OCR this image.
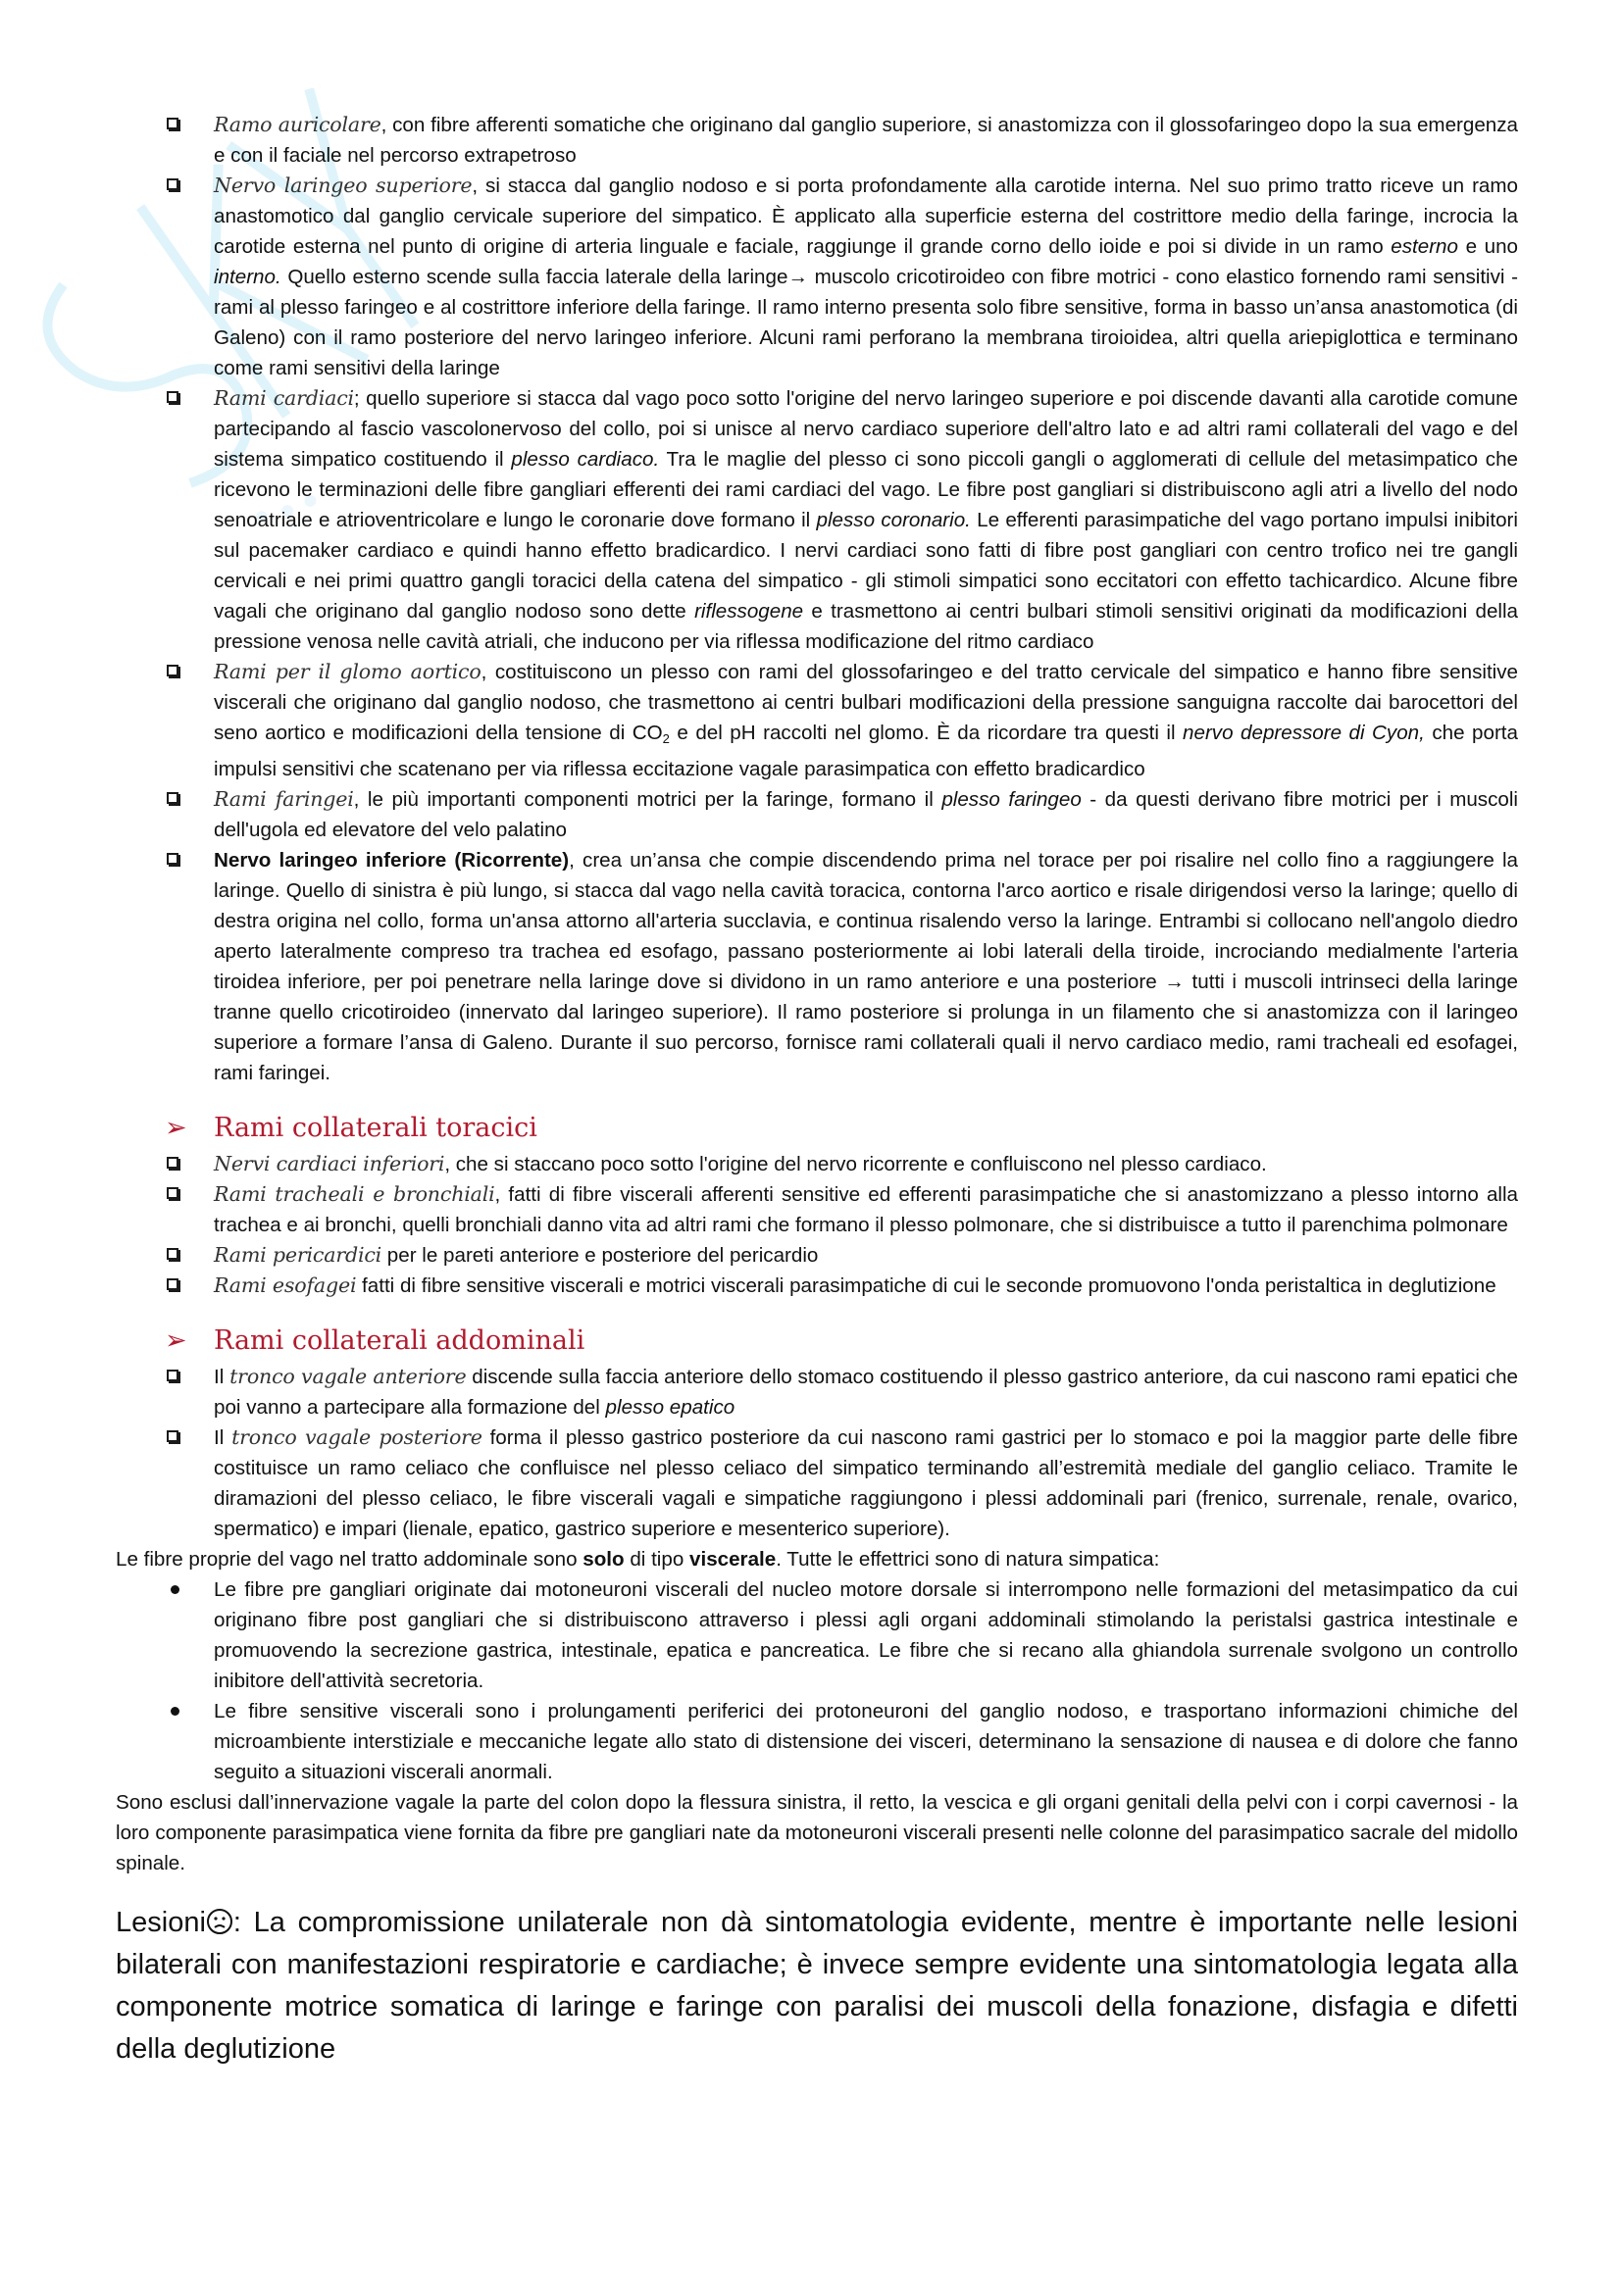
Ramo auricolare, con fibre afferenti somatiche che originano dal ganglio superiore, si anastomizza con il glossofaringeo dopo la sua emergenza e con il faciale nel percorso extrapetroso
Nervo laringeo superiore, si stacca dal ganglio nodoso e si porta profondamente alla carotide interna. Nel suo primo tratto riceve un ramo anastomotico dal ganglio cervicale superiore del simpatico. È applicato alla superficie esterna del costrittore medio della faringe, incrocia la carotide esterna nel punto di origine di arteria linguale e faciale, raggiunge il grande corno dello ioide e poi si divide in un ramo esterno e uno interno. Quello esterno scende sulla faccia laterale della laringe→ muscolo cricotiroideo con fibre motrici - cono elastico fornendo rami sensitivi - rami al plesso faringeo e al costrittore inferiore della faringe. Il ramo interno presenta solo fibre sensitive, forma in basso un’ansa anastomotica (di Galeno) con il ramo posteriore del nervo laringeo inferiore. Alcuni rami perforano la membrana tiroioidea, altri quella ariepiglottica e terminano come rami sensitivi della laringe
Rami cardiaci; quello superiore si stacca dal vago poco sotto l'origine del nervo laringeo superiore e poi discende davanti alla carotide comune partecipando al fascio vascolonervoso del collo, poi si unisce al nervo cardiaco superiore dell'altro lato e ad altri rami collaterali del vago e del sistema simpatico costituendo il plesso cardiaco. Tra le maglie del plesso ci sono piccoli gangli o agglomerati di cellule del metasimpatico che ricevono le terminazioni delle fibre gangliari efferenti dei rami cardiaci del vago. Le fibre post gangliari si distribuiscono agli atri a livello del nodo senoatriale e atrioventricolare e lungo le coronarie dove formano il plesso coronario. Le efferenti parasimpatiche del vago portano impulsi inibitori sul pacemaker cardiaco e quindi hanno effetto bradicardico. I nervi cardiaci sono fatti di fibre post gangliari con centro trofico nei tre gangli cervicali e nei primi quattro gangli toracici della catena del simpatico - gli stimoli simpatici sono eccitatori con effetto tachicardico. Alcune fibre vagali che originano dal ganglio nodoso sono dette riflessogene e trasmettono ai centri bulbari stimoli sensitivi originati da modificazioni della pressione venosa nelle cavità atriali, che inducono per via riflessa modificazione del ritmo cardiaco
Rami per il glomo aortico, costituiscono un plesso con rami del glossofaringeo e del tratto cervicale del simpatico e hanno fibre sensitive viscerali che originano dal ganglio nodoso, che trasmettono ai centri bulbari modificazioni della pressione sanguigna raccolte dai barocettori del seno aortico e modificazioni della tensione di $CO_2$ e del pH raccolti nel glomo. È da ricordare tra questi il nervo depressore di Cyon, che porta impulsi sensitivi che scatenano per via riflessa eccitazione vagale parasimpatica con effetto bradicardico
Rami faringei, le più importanti componenti motrici per la faringe, formano il plesso faringeo - da questi derivano fibre motrici per i muscoli dell'ugola ed elevatore del velo palatino
Nervo laringeo inferiore (Ricorrente), crea un’ansa che compie discendendo prima nel torace per poi risalire nel collo fino a raggiungere la laringe. Quello di sinistra è più lungo, si stacca dal vago nella cavità toracica, contorna l'arco aortico e risale dirigendosi verso la laringe; quello di destra origina nel collo, forma un'ansa attorno all'arteria succlavia, e continua risalendo verso la laringe. Entrambi si collocano nell'angolo diedro aperto lateralmente compreso tra trachea ed esofago, passano posteriormente ai lobi laterali della tiroide, incrociando medialmente l'arteria tiroidea inferiore, per poi penetrare nella laringe dove si dividono in un ramo anteriore e una posteriore → tutti i muscoli intrinseci della laringe tranne quello cricotiroideo (innervato dal laringeo superiore). Il ramo posteriore si prolunga in un filamento che si anastomizza con il laringeo superiore a formare l’ansa di Galeno. Durante il suo percorso, fornisce rami collaterali quali il nervo cardiaco medio, rami tracheali ed esofagei, rami faringei.
➢ Rami collaterali toracici
Nervi cardiaci inferiori, che si staccano poco sotto l'origine del nervo ricorrente e confluiscono nel plesso cardiaco.
Rami tracheali e bronchiali, fatti di fibre viscerali afferenti sensitive ed efferenti parasimpatiche che si anastomizzano a plesso intorno alla trachea e ai bronchi, quelli bronchiali danno vita ad altri rami che formano il plesso polmonare, che si distribuisce a tutto il parenchima polmonare
Rami pericardici per le pareti anteriore e posteriore del pericardio
Rami esofagei fatti di fibre sensitive viscerali e motrici viscerali parasimpatiche di cui le seconde promuovono l'onda peristaltica in deglutizione
➢ Rami collaterali addominali
Il tronco vagale anteriore discende sulla faccia anteriore dello stomaco costituendo il plesso gastrico anteriore, da cui nascono rami epatici che poi vanno a partecipare alla formazione del plesso epatico
Il tronco vagale posteriore forma il plesso gastrico posteriore da cui nascono rami gastrici per lo stomaco e poi la maggior parte delle fibre costituisce un ramo celiaco che confluisce nel plesso celiaco del simpatico terminando all’estremità mediale del ganglio celiaco. Tramite le diramazioni del plesso celiaco, le fibre viscerali vagali e simpatiche raggiungono i plessi addominali pari (frenico, surrenale, renale, ovarico, spermatico) e impari (lienale, epatico, gastrico superiore e mesenterico superiore).
Le fibre proprie del vago nel tratto addominale sono solo di tipo viscerale. Tutte le effettrici sono di natura simpatica:
Le fibre pre gangliari originate dai motoneuroni viscerali del nucleo motore dorsale si interrompono nelle formazioni del metasimpatico da cui originano fibre post gangliari che si distribuiscono attraverso i plessi agli organi addominali stimolando la peristalsi gastrica intestinale e promuovendo la secrezione gastrica, intestinale, epatica e pancreatica. Le fibre che si recano alla ghiandola surrenale svolgono un controllo inibitore dell'attività secretoria.
Le fibre sensitive viscerali sono i prolungamenti periferici dei protoneuroni del ganglio nodoso, e trasportano informazioni chimiche del microambiente interstiziale e meccaniche legate allo stato di distensione dei visceri, determinano la sensazione di nausea e di dolore che fanno seguito a situazioni viscerali anormali.
Sono esclusi dall’innervazione vagale la parte del colon dopo la flessura sinistra, il retto, la vescica e gli organi genitali della pelvi con i corpi cavernosi - la loro componente parasimpatica viene fornita da fibre pre gangliari nate da motoneuroni viscerali presenti nelle colonne del parasimpatico sacrale del midollo spinale.
Lesioni : La compromissione unilaterale non dà sintomatologia evidente, mentre è importante nelle lesioni bilaterali con manifestazioni respiratorie e cardiache; è invece sempre evidente una sintomatologia legata alla componente motrice somatica di laringe e faringe con paralisi dei muscoli della fonazione, disfagia e difetti della deglutizione
